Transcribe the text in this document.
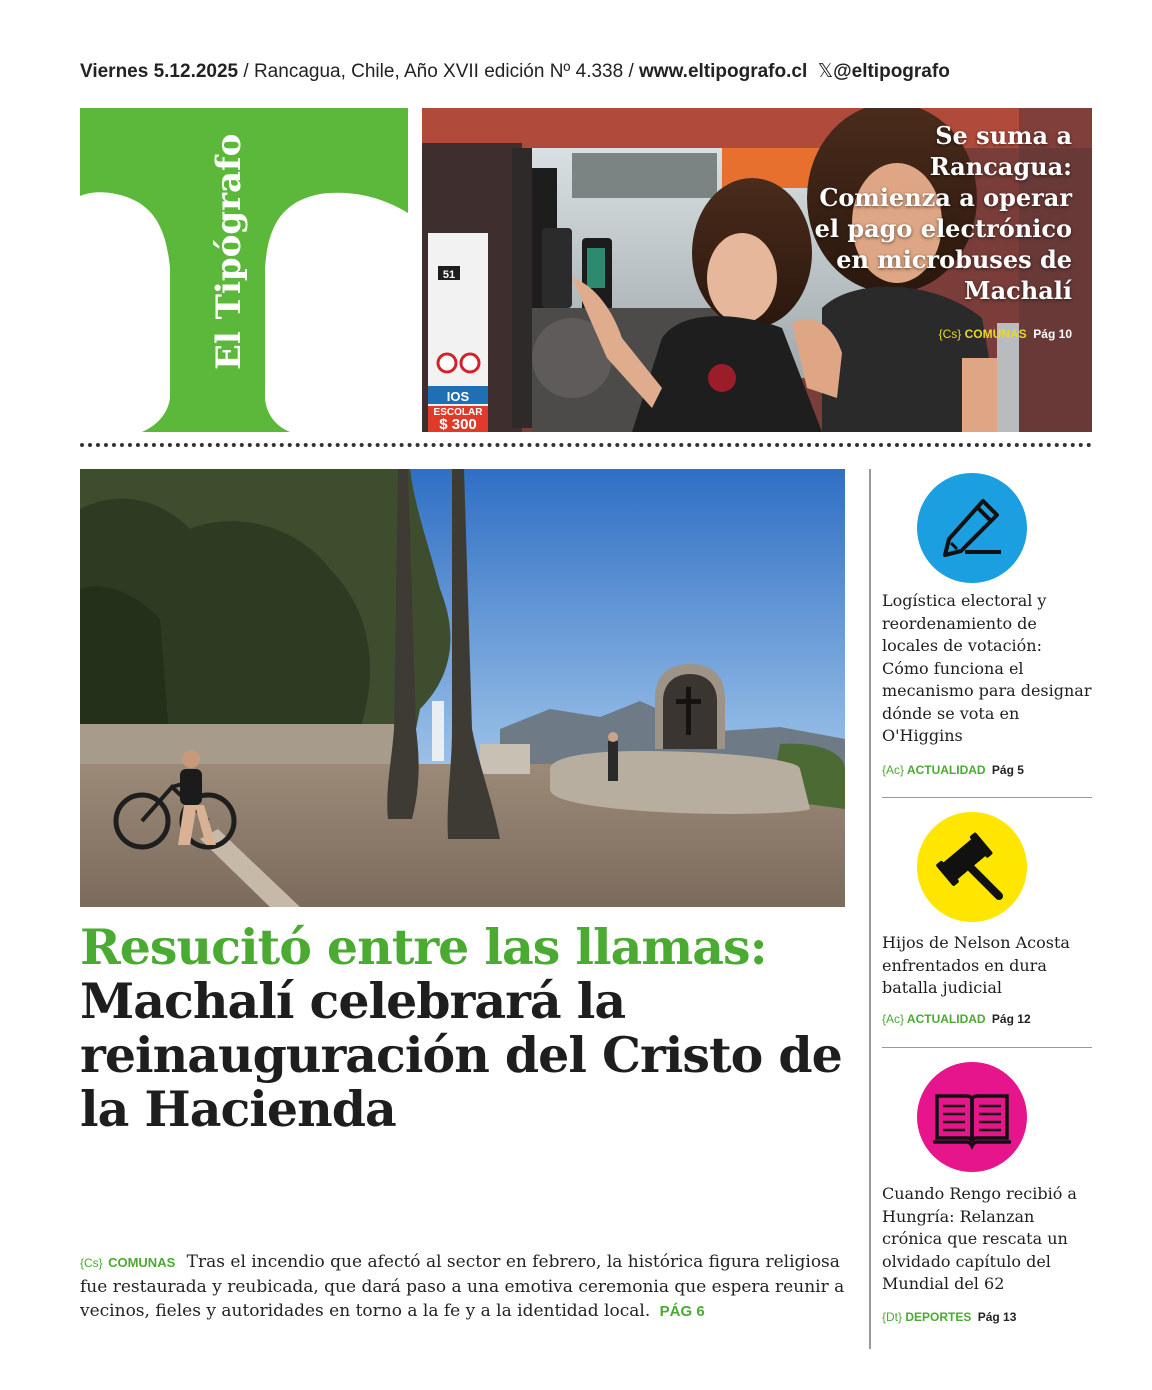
Viernes 5.12.2025 / Rancagua, Chile, Año XVII edición Nº 4.338 / www.eltipografo.cl 𝕏@eltipografo
El Tipógrafo
IOS
ESCOLAR
$ 300
51
Se suma a Rancagua: Comienza a operar el pago electrónico en microbuses de Machalí
{Cs} COMUNAS Pág 10
Resucitó entre las llamas:
Machalí celebrará la reinauguración del Cristo de la Hacienda
{Cs} COMUNAS Tras el incendio que afectó al sector en febrero, la histórica figura religiosa fue restaurada y reubicada, que dará paso a una emotiva ceremonia que espera reunir a vecinos, fieles y autoridades en torno a la fe y a la identidad local. PÁG 6
Logística electoral y reordenamiento de locales de votación: Cómo funciona el mecanismo para designar dónde se vota en O'Higgins
{Ac} ACTUALIDAD Pág 5
Hijos de Nelson Acosta enfrentados en dura batalla judicial
{Ac} ACTUALIDAD Pág 12
Cuando Rengo recibió a Hungría: Relanzan crónica que rescata un olvidado capítulo del Mundial del 62
{Dt} DEPORTES Pág 13
